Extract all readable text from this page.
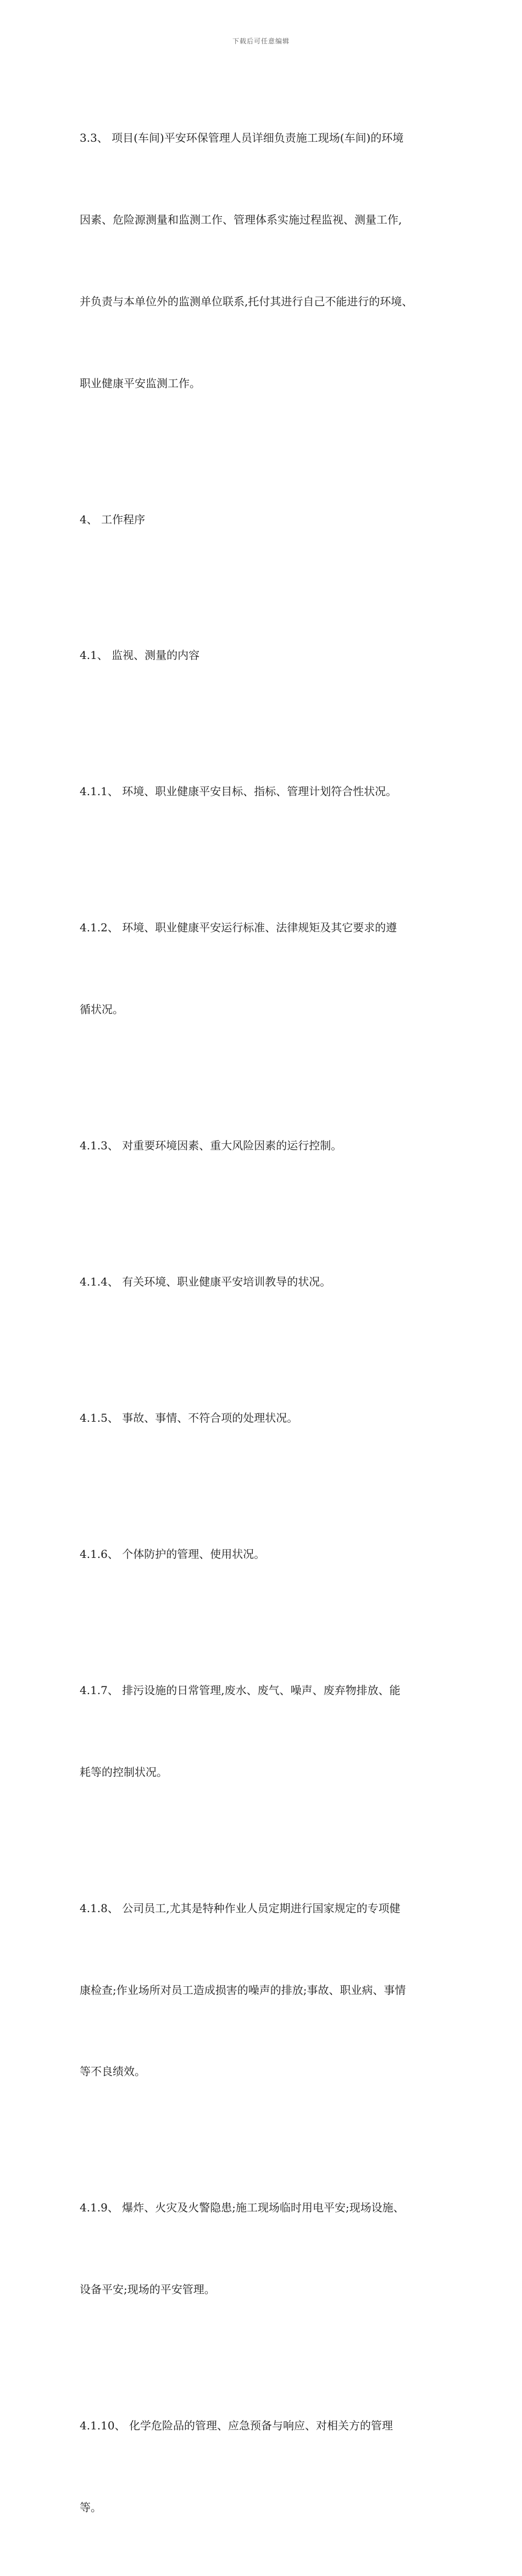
下载后可任意编辑

3.3、 项目(车间)平安环保管理人员详细负责施工现场(车间)的环境

因素、危险源测量和监测工作、管理体系实施过程监视、测量工作,

并负责与本单位外的监测单位联系,托付其进行自己不能进行的环境、

职业健康平安监测工作。

4、 工作程序

4.1、 监视、测量的内容

4.1.1、 环境、职业健康平安目标、指标、管理计划符合性状况。

4.1.2、 环境、职业健康平安运行标准、法律规矩及其它要求的遵

循状况。

4.1.3、 对重要环境因素、重大风险因素的运行控制。

4.1.4、 有关环境、职业健康平安培训教导的状况。

4.1.5、 事故、事情、不符合项的处理状况。

4.1.6、 个体防护的管理、使用状况。

4.1.7、 排污设施的日常管理,废水、废气、噪声、废弃物排放、能

耗等的控制状况。

4.1.8、 公司员工,尤其是特种作业人员定期进行国家规定的专项健

康检查;作业场所对员工造成损害的噪声的排放;事故、职业病、事情

等不良绩效。

4.1.9、 爆炸、火灾及火警隐患;施工现场临时用电平安;现场设施、

设备平安;现场的平安管理。

4.1.10、 化学危险品的管理、应急预备与响应、对相关方的管理

等。
